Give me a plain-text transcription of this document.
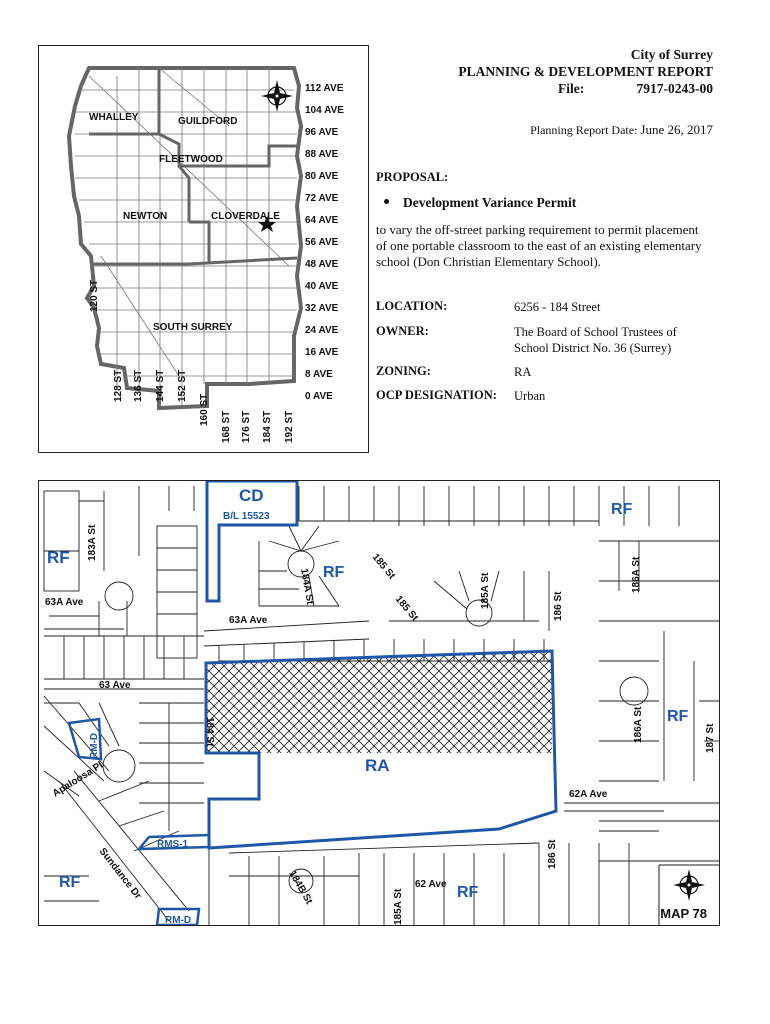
City of Surrey
PLANNING & DEVELOPMENT REPORT
File:	7917-0243-00
Planning Report Date: June 26, 2017
PROPOSAL:
Development Variance Permit
to vary the off-street parking requirement to permit placement of one portable classroom to the east of an existing elementary school (Don Christian Elementary School).
LOCATION:	6256 - 184 Street
OWNER:	The Board of School Trustees of
School District No. 36 (Surrey)
ZONING:	RA
OCP DESIGNATION: Urban
112 AVE
104 AVE
96 AVE
88 AVE
80 AVE
72 AVE
64 AVE
56 AVE
48 AVE
40 AVE
32 AVE
24 AVE
16 AVE
8 AVE
0 AVE
120 ST
128 ST 136 ST 144 ST 152 ST
160 ST
168 ST 176 ST 184 ST 192 ST
WHALLEY	GUILDFORD
FLEETWOOD
NEWTON	CLOVERDALE
SOUTH SURREY
CD
B/L 15523	RF
RF
RF
RF
RA
RF
RF
RM-D
RMS-1
RM-D
183A St
63A Ave
63A Ave
63 Ave
184 St
184A St
185 St
185 St	185A St	186 St
186A St
186A St	187 St
62A Ave
62 Ave
186 St
185A St
184B St
Apaloosa Pl
Sundance Dr
MAP 78
